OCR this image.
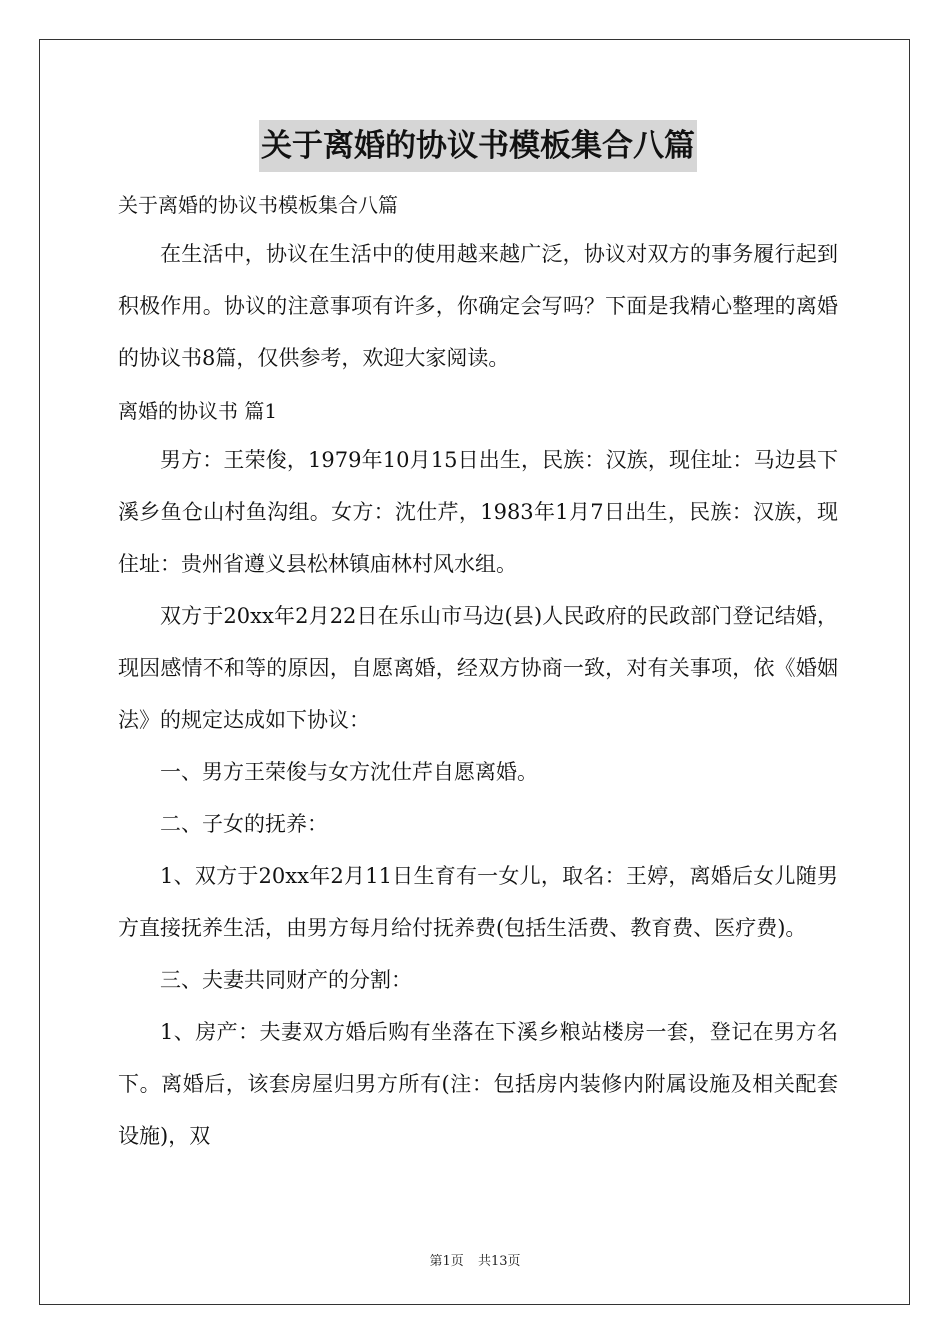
关于离婚的协议书模板集合八篇
关于离婚的协议书模板集合八篇
在生活中，协议在生活中的使用越来越广泛，协议对双方的事务履行起到积极作用。协议的注意事项有许多，你确定会写吗？下面是我精心整理的离婚的协议书8篇，仅供参考，欢迎大家阅读。
离婚的协议书 篇1
男方：王荣俊，1979年10月15日出生，民族：汉族，现住址：马边县下溪乡鱼仓山村鱼沟组。女方：沈仕芹，1983年1月7日出生，民族：汉族，现住址：贵州省遵义县松林镇庙林村风水组。
双方于20xx年2月22日在乐山市马边(县)人民政府的民政部门登记结婚，现因感情不和等的原因，自愿离婚，经双方协商一致，对有关事项，依《婚姻法》的规定达成如下协议：
一、男方王荣俊与女方沈仕芹自愿离婚。
二、子女的抚养：
1、双方于20xx年2月11日生育有一女儿，取名：王婷，离婚后女儿随男方直接抚养生活，由男方每月给付抚养费(包括生活费、教育费、医疗费)。
三、夫妻共同财产的分割：
1、房产：夫妻双方婚后购有坐落在下溪乡粮站楼房一套，登记在男方名下。离婚后，该套房屋归男方所有(注：包括房内装修内附属设施及相关配套设施)，双
第1页 共13页
